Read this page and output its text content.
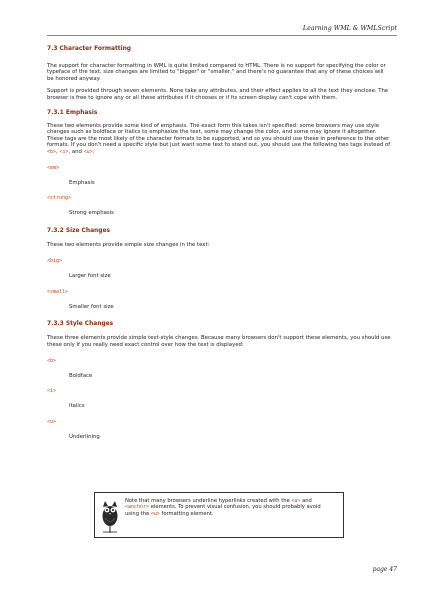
Learning WML & WMLScript

7.3 Character Formatting

The support for character formatting in WML is quite limited compared to HTML. There is no support for specifying the color or typeface of the text, size changes are limited to "bigger" or "smaller," and there's no guarantee that any of these choices will be honored anyway.

Support is provided through seven elements. None take any attributes, and their effect applies to all the text they enclose. The browser is free to ignore any or all these attributes if it chooses or if its screen display can't cope with them.

7.3.1 Emphasis

These two elements provide some kind of emphasis. The exact form this takes isn't specified: some browsers may use style changes such as boldface or italics to emphasize the text, some may change the color, and some may ignore it altogether. These tags are the most likely of the character formats to be supported, and so you should use these in preference to the other formats. If you don't need a specific style but just want some text to stand out, you should use the following two tags instead of <b>, <i>, and <u>:

<em>

Emphasis

<strong>

Strong emphasis

7.3.2 Size Changes

These two elements provide simple size changes in the text:

<big>

Larger font size

<small>

Smaller font size

7.3.3 Style Changes

These three elements provide simple text-style changes. Because many browsers don't support these elements, you should use these only if you really need exact control over how the text is displayed:

<b>

Boldface

<i>

Italics

<u>

Underlining

Note that many browsers underline hyperlinks created with the <a> and <anchor> elements. To prevent visual confusion, you should probably avoid using the <u> formatting element.
page 47
